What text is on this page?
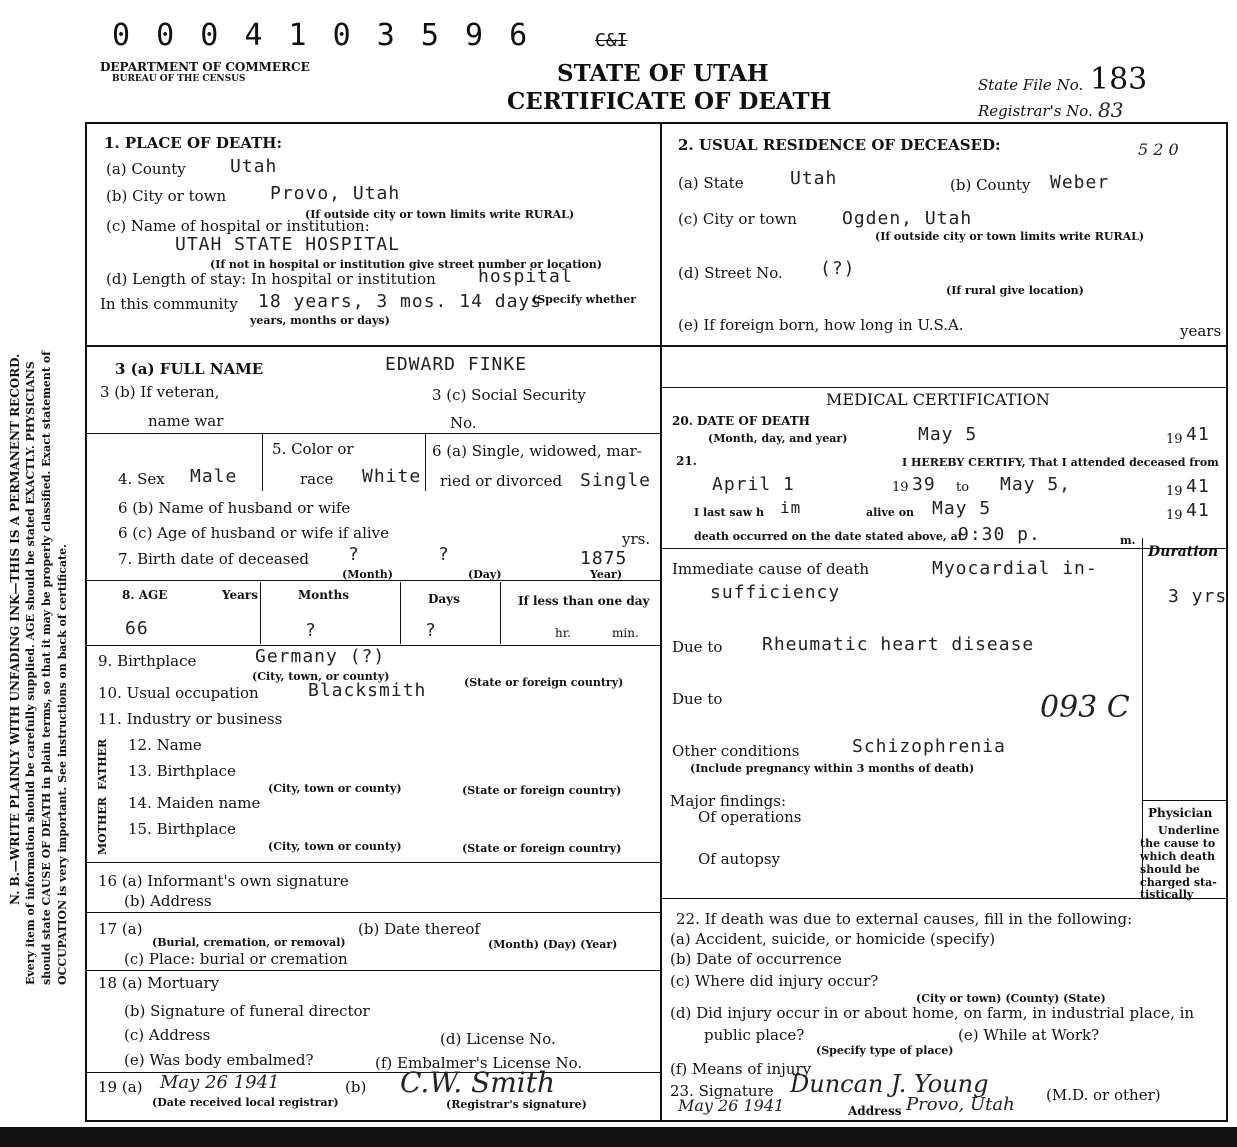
N. B.—WRITE PLAINLY WITH UNFADING INK—THIS IS A PERMANENT RECORD. Every item of information should be carefully supplied. AGE should be stated EXACTLY. PHYSICIANS should state CAUSE OF DEATH in plain terms, so that it may be properly classified. Exact statement of OCCUPATION is very important. See instructions on back of certificate.
0 0 0 4 1 0 3 5 9 6	C&I
DEPARTMENT OF COMMERCE
BUREAU OF THE CENSUS	STATE OF UTAH
CERTIFICATE OF DEATH
State File No. 183
Registrar's No. 83
1. PLACE OF DEATH:
(a) County Utah
(b) City or town Provo, Utah
(If outside city or town limits write RURAL)
(c) Name of hospital or institution:
UTAH STATE HOSPITAL
(If not in hospital or institution give street number or location)
(d) Length of stay: In hospital or institution hospital
In this community 18 years, 3 mos. 14 days
(Specify whether
years, months or days)
2. USUAL RESIDENCE OF DECEASED:	5 2 0
(a) State	Utah	(b) County Weber
(c) City or town	Ogden, Utah
(If outside city or town limits write RURAL)
(d) Street No. (?)
(If rural give location)
(e) If foreign born, how long in U.S.A.	years
3 (a) FULL NAME	EDWARD FINKE
3 (b) If veteran,
name war
3 (c) Social Security
No.
5. Color or
race White
4. Sex Male
6 (a) Single, widowed, mar-
ried or divorced Single
6 (b) Name of husband or wife
6 (c) Age of husband or wife if alive	yrs.
7. Birth date of deceased ?	?	1875
(Month)	(Day)	Year)
8. AGE	Years	Months	Days	If less than one day
66	?	?	hr.	min.
9. Birthplace	Germany (?)
(City, town, or county)	(State or foreign country)
10. Usual occupation	Blacksmith
11. Industry or business
FATHER
MOTHER
12. Name
13. Birthplace
(City, town or county)	(State or foreign country)
14. Maiden name
15. Birthplace
(City, town or county)	(State or foreign country)
16 (a) Informant's own signature
(b) Address
17 (a)
(Burial, cremation, or removal)
(b) Date thereof
(Month) (Day) (Year)
(c) Place: burial or cremation
18 (a) Mortuary
(b) Signature of funeral director
(c) Address	(d) License No.
(e) Was body embalmed?	(f) Embalmer's License No.
19 (a) May 26 1941
(Date received local registrar)
(b) C.W. Smith
(Registrar's signature)
MEDICAL CERTIFICATION
20. DATE OF DEATH
(Month, day, and year)	May 5	19 41
21.	I HEREBY CERTIFY, That I attended deceased from
April 1	19 39 to May 5,	19 41
I last saw h im	alive on May 5	19 41
death occurred on the date stated above, at
9:30 p.	m.
Duration
Immediate cause of death	Myocardial in-
sufficiency	3 yrs
Due to Rheumatic heart disease
Due to	093 C
Other conditions	Schizophrenia
(Include pregnancy within 3 months of death)
Major findings:
Of operations
Of autopsy
Physician
Underline
the cause to
which death
should be
charged sta-
tistically
22. If death was due to external causes, fill in the following:
(a) Accident, suicide, or homicide (specify)
(b) Date of occurrence
(c) Where did injury occur?
(City or town) (County) (State)
(d) Did injury occur in or about home, on farm, in industrial place, in
public place?
(Specify type of place)
(e) While at Work?
(f) Means of injury
23. Signature Duncan J. Young	(M.D. or other)
May 26 1941	Address Provo, Utah
